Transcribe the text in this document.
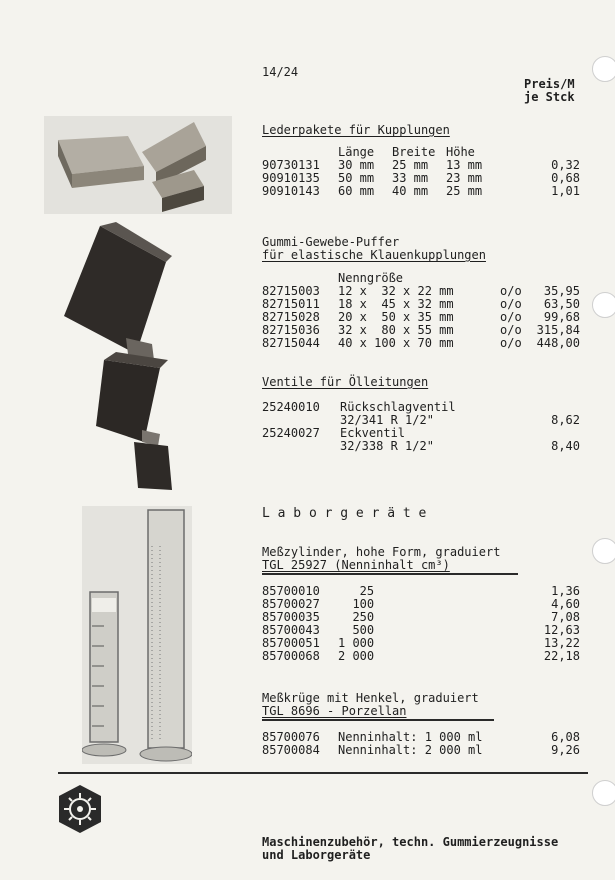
14/24
Preis/M
je Stck
Lederpakete für Kupplungen
Länge Breite Höhe
90730131 30 mm 25 mm 13 mm	0,32
90910135 50 mm 33 mm 23 mm	0,68
90910143 60 mm 40 mm 25 mm	1,01
Gummi-Gewebe-Puffer
für elastische Klauenkupplungen
Nenngröße
82715003 12 x  32 x 22 mm	o/o 35,95
82715011 18 x  45 x 32 mm	o/o 63,50
82715028 20 x  50 x 35 mm	o/o 99,68
82715036 32 x  80 x 55 mm	o/o 315,84
82715044 40 x 100 x 70 mm	o/o 448,00
Ventile für Ölleitungen
25240010 Rückschlagventil
32/341 R 1/2"	8,62
25240027 Eckventil
32/338 R 1/2"	8,40
L a b o r g e r ä t e
Meßzylinder, hohe Form, graduiert
TGL 25927 (Nenninhalt cm³)
85700010 25	1,36
85700027 100	4,60
85700035 250	7,08
85700043 500	12,63
85700051 1 000	13,22
85700068 2 000	22,18
Meßkrüge mit Henkel, graduiert
TGL 8696 - Porzellan
85700076 Nenninhalt: 1 000 ml	6,08
85700084 Nenninhalt: 2 000 ml	9,26
Maschinenzubehör, techn. Gummierzeugnisse
und Laborgeräte
